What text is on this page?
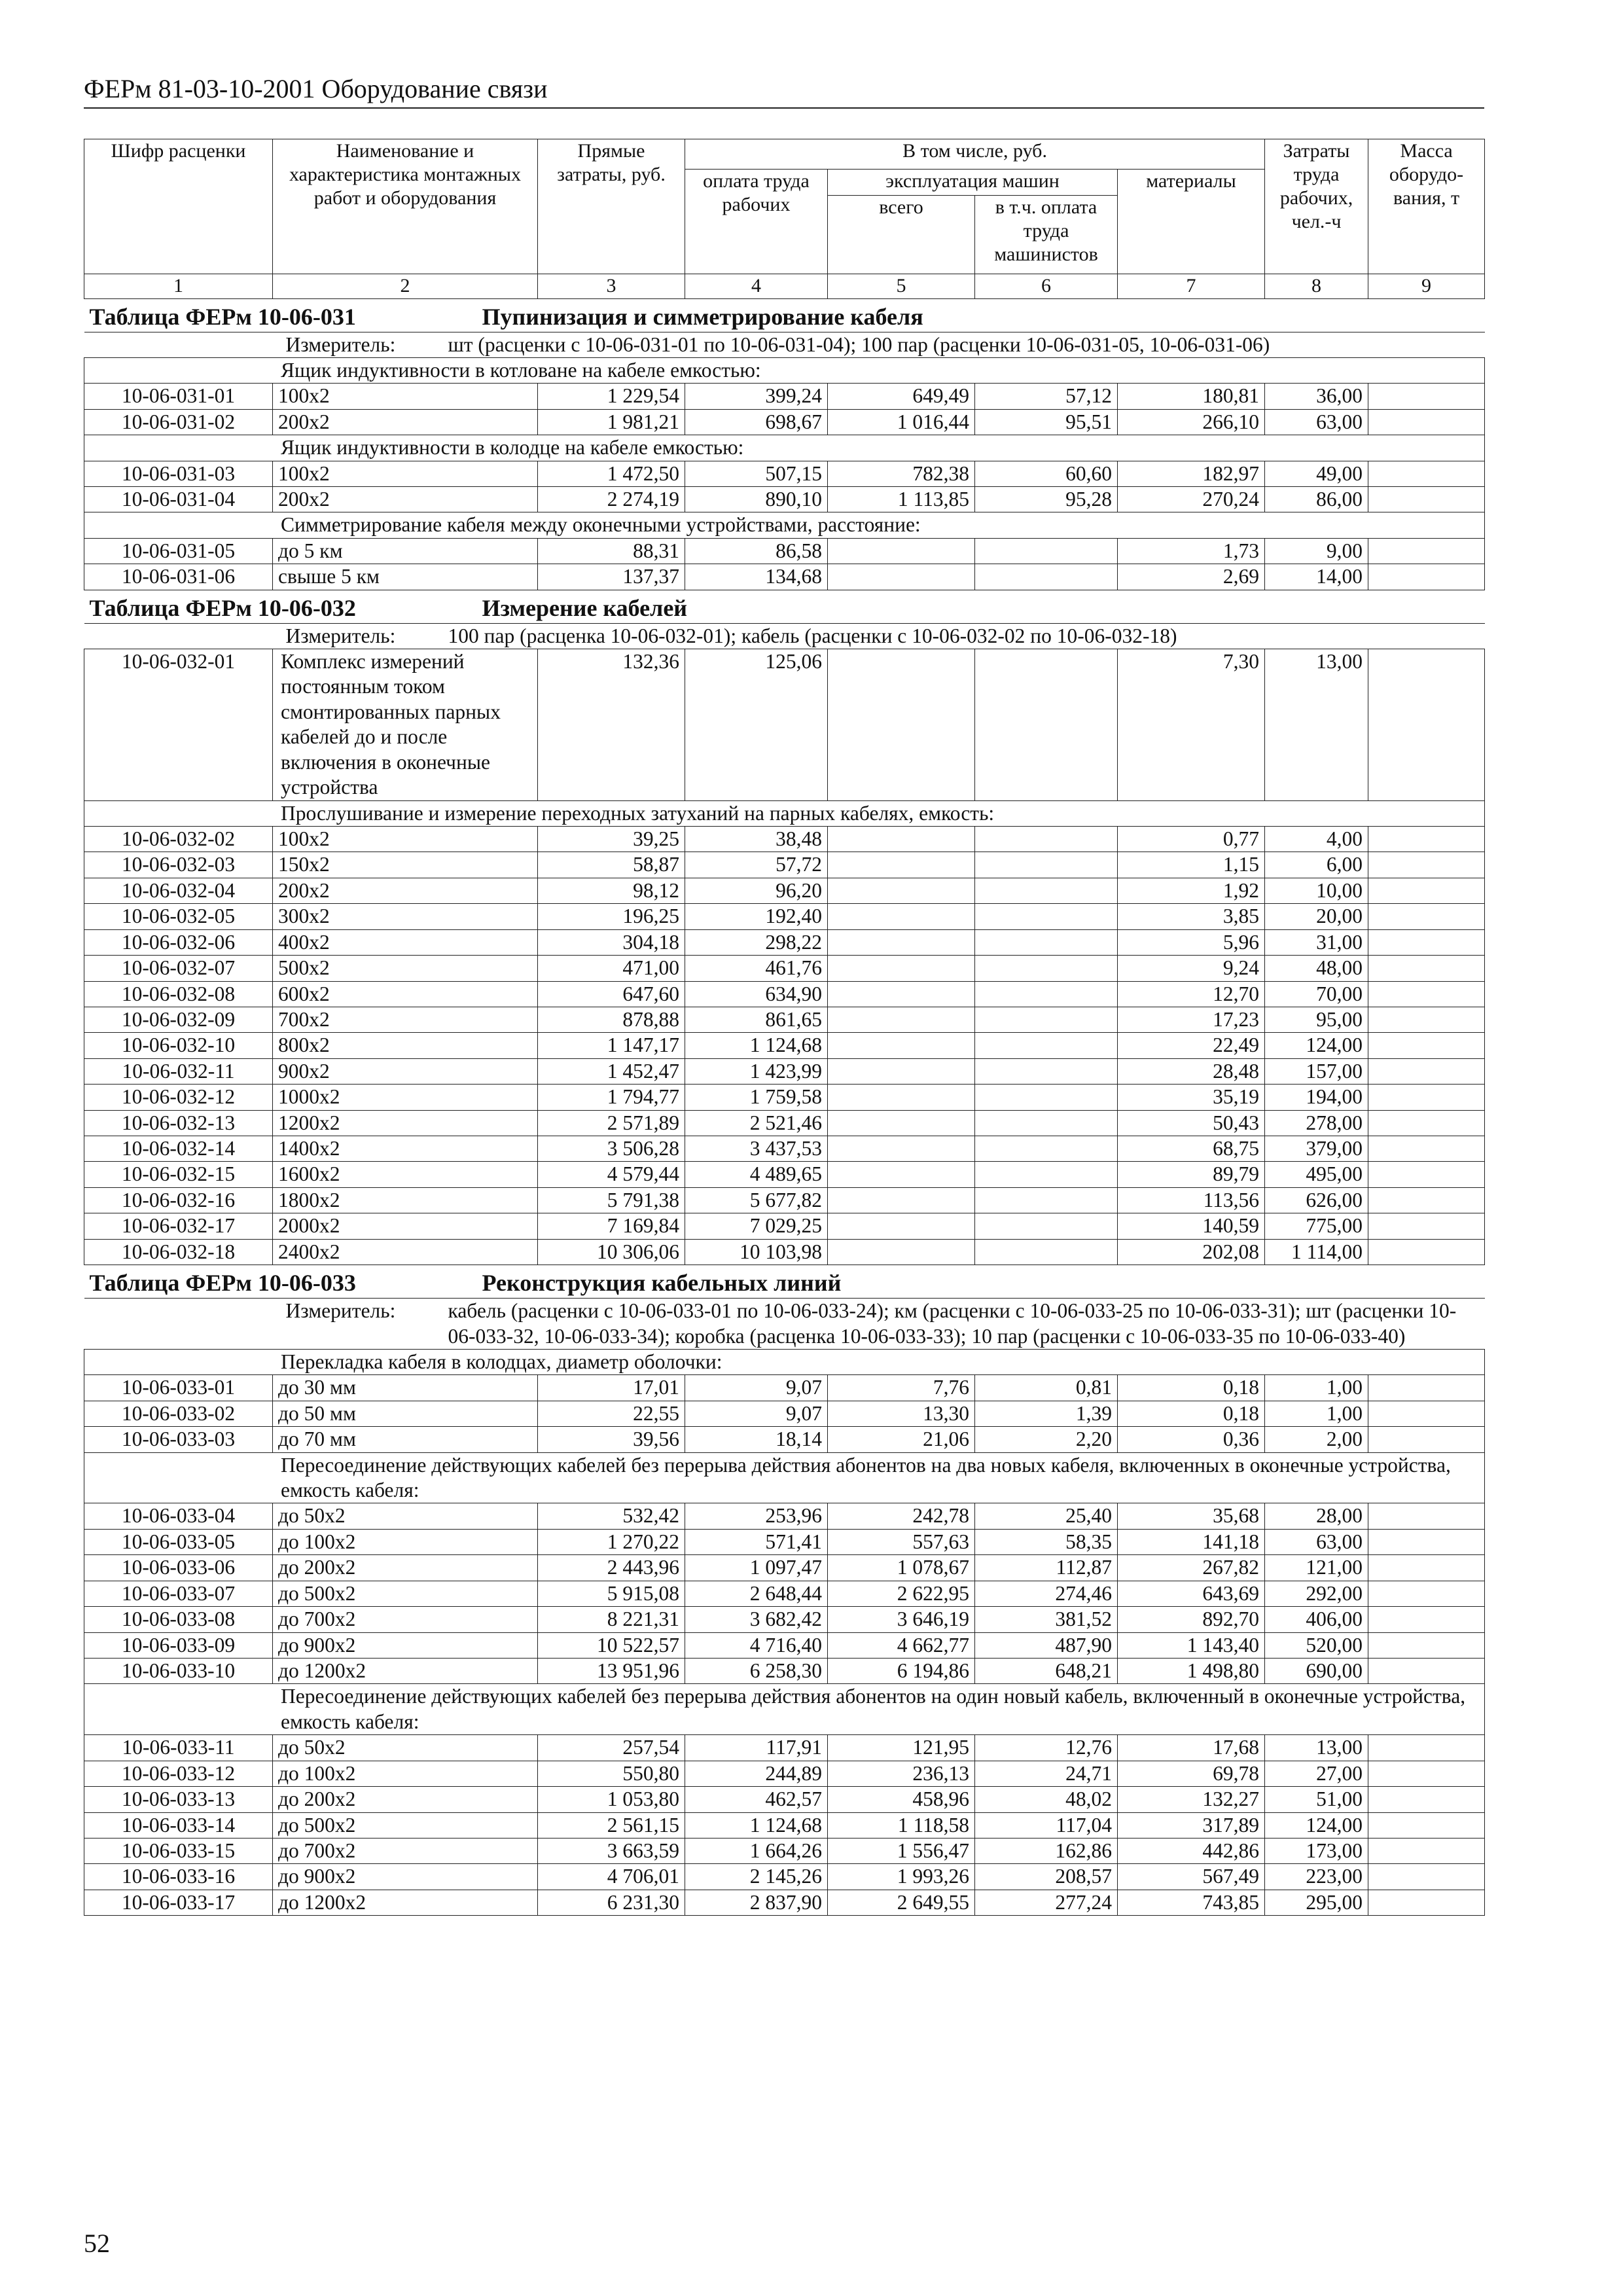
ФЕРм 81-03-10-2001 Оборудование связи
Шифр расценки	Наименование и характеристика монтажных работ и оборудования	Прямые затраты, руб.	В том числе, руб.				Затраты труда рабочих, чел.-ч	Масса оборудо-вания, т
			оплата труда рабочих	эксплуатация машин		материалы		
				всего	в т.ч. оплата труда машинистов			
1	2	3	4	5	6	7	8	9
Таблица ФЕРм 10-06-031 Пупинизация и симметрирование кабеля								

Измеритель: шт (расценки с 10-06-031-01 по 10-06-031-04); 100 пар (расценки 10-06-031-05, 10-06-031-06)								

Ящик индуктивности в котловане на кабеле емкостью:								
10-06-031-01	100х2	1 229,54	399,24	649,49	57,12	180,81	36,00	
10-06-031-02	200х2	1 981,21	698,67	1 016,44	95,51	266,10	63,00	
Ящик индуктивности в колодце на кабеле емкостью:								
10-06-031-03	100х2	1 472,50	507,15	782,38	60,60	182,97	49,00	
10-06-031-04	200х2	2 274,19	890,10	1 113,85	95,28	270,24	86,00	
Симметрирование кабеля между оконечными устройствами, расстояние:								
10-06-031-05	до 5 км	88,31	86,58			1,73	9,00	
10-06-031-06	свыше 5 км	137,37	134,68			2,69	14,00	
Таблица ФЕРм 10-06-032 Измерение кабелей								

Измеритель: 100 пар (расценка 10-06-032-01); кабель (расценки с 10-06-032-02 по 10-06-032-18)								

10-06-032-01	Комплекс измерений постоянным током смонтированных парных кабелей до и после включения в оконечные устройства	132,36	125,06			7,30	13,00	
Прослушивание и измерение переходных затуханий на парных кабелях, емкость:								
10-06-032-02	100х2	39,25	38,48			0,77	4,00	
10-06-032-03	150х2	58,87	57,72			1,15	6,00	
10-06-032-04	200х2	98,12	96,20			1,92	10,00	
10-06-032-05	300х2	196,25	192,40			3,85	20,00	
10-06-032-06	400х2	304,18	298,22			5,96	31,00	
10-06-032-07	500х2	471,00	461,76			9,24	48,00	
10-06-032-08	600х2	647,60	634,90			12,70	70,00	
10-06-032-09	700х2	878,88	861,65			17,23	95,00	
10-06-032-10	800х2	1 147,17	1 124,68			22,49	124,00	
10-06-032-11	900х2	1 452,47	1 423,99			28,48	157,00	
10-06-032-12	1000х2	1 794,77	1 759,58			35,19	194,00	
10-06-032-13	1200х2	2 571,89	2 521,46			50,43	278,00	
10-06-032-14	1400х2	3 506,28	3 437,53			68,75	379,00	
10-06-032-15	1600х2	4 579,44	4 489,65			89,79	495,00	
10-06-032-16	1800х2	5 791,38	5 677,82			113,56	626,00	
10-06-032-17	2000х2	7 169,84	7 029,25			140,59	775,00	
10-06-032-18	2400х2	10 306,06	10 103,98			202,08	1 114,00	
Таблица ФЕРм 10-06-033 Реконструкция кабельных линий								

Измеритель: кабель (расценки с 10-06-033-01 по 10-06-033-24); км (расценки с 10-06-033-25 по 10-06-033-31); шт (расценки 10-06-033-32, 10-06-033-34); коробка (расценка 10-06-033-33); 10 пар (расценки с 10-06-033-35 по 10-06-033-40)								

Перекладка кабеля в колодцах, диаметр оболочки:								
10-06-033-01	до 30 мм	17,01	9,07	7,76	0,81	0,18	1,00	
10-06-033-02	до 50 мм	22,55	9,07	13,30	1,39	0,18	1,00	
10-06-033-03	до 70 мм	39,56	18,14	21,06	2,20	0,36	2,00	
Пересоединение действующих кабелей без перерыва действия абонентов на два новых кабеля, включенных в оконечные устройства, емкость кабеля:								
10-06-033-04	до 50х2	532,42	253,96	242,78	25,40	35,68	28,00	
10-06-033-05	до 100х2	1 270,22	571,41	557,63	58,35	141,18	63,00	
10-06-033-06	до 200х2	2 443,96	1 097,47	1 078,67	112,87	267,82	121,00	
10-06-033-07	до 500х2	5 915,08	2 648,44	2 622,95	274,46	643,69	292,00	
10-06-033-08	до 700х2	8 221,31	3 682,42	3 646,19	381,52	892,70	406,00	
10-06-033-09	до 900х2	10 522,57	4 716,40	4 662,77	487,90	1 143,40	520,00	
10-06-033-10	до 1200х2	13 951,96	6 258,30	6 194,86	648,21	1 498,80	690,00	
Пересоединение действующих кабелей без перерыва действия абонентов на один новый кабель, включенный в оконечные устройства, емкость кабеля:								
10-06-033-11	до 50х2	257,54	117,91	121,95	12,76	17,68	13,00	
10-06-033-12	до 100х2	550,80	244,89	236,13	24,71	69,78	27,00	
10-06-033-13	до 200х2	1 053,80	462,57	458,96	48,02	132,27	51,00	
10-06-033-14	до 500х2	2 561,15	1 124,68	1 118,58	117,04	317,89	124,00	
10-06-033-15	до 700х2	3 663,59	1 664,26	1 556,47	162,86	442,86	173,00	
10-06-033-16	до 900х2	4 706,01	2 145,26	1 993,26	208,57	567,49	223,00	
10-06-033-17	до 1200х2	6 231,30	2 837,90	2 649,55	277,24	743,85	295,00	
52
